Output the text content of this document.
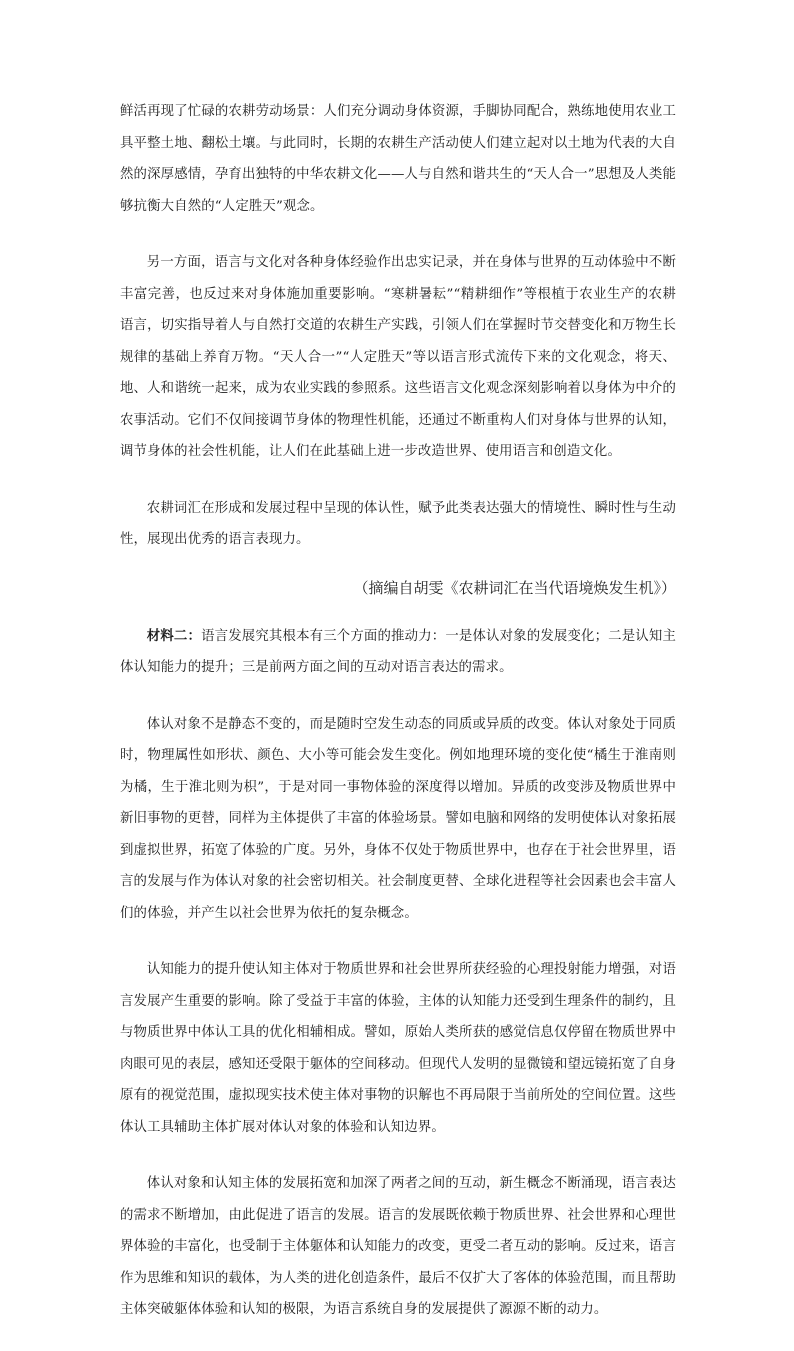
鲜活再现了忙碌的农耕劳动场景：人们充分调动身体资源，手脚协同配合，熟练地使用农业工具平整土地、翻松土壤。与此同时，长期的农耕生产活动使人们建立起对以土地为代表的大自然的深厚感情，孕育出独特的中华农耕文化——人与自然和谐共生的“天人合一”思想及人类能够抗衡大自然的“人定胜天”观念。

另一方面，语言与文化对各种身体经验作出忠实记录，并在身体与世界的互动体验中不断丰富完善，也反过来对身体施加重要影响。“寒耕暑耘”“精耕细作”等根植于农业生产的农耕语言，切实指导着人与自然打交道的农耕生产实践，引领人们在掌握时节交替变化和万物生长规律的基础上养育万物。“天人合一”“人定胜天”等以语言形式流传下来的文化观念，将天、地、人和谐统一起来，成为农业实践的参照系。这些语言文化观念深刻影响着以身体为中介的农事活动。它们不仅间接调节身体的物理性机能，还通过不断重构人们对身体与世界的认知，调节身体的社会性机能，让人们在此基础上进一步改造世界、使用语言和创造文化。

农耕词汇在形成和发展过程中呈现的体认性，赋予此类表达强大的情境性、瞬时性与生动性，展现出优秀的语言表现力。

（摘编自胡雯《农耕词汇在当代语境焕发生机》）

材料二：语言发展究其根本有三个方面的推动力：一是体认对象的发展变化；二是认知主体认知能力的提升；三是前两方面之间的互动对语言表达的需求。

体认对象不是静态不变的，而是随时空发生动态的同质或异质的改变。体认对象处于同质时，物理属性如形状、颜色、大小等可能会发生变化。例如地理环境的变化使“橘生于淮南则为橘，生于淮北则为枳”，于是对同一事物体验的深度得以增加。异质的改变涉及物质世界中新旧事物的更替，同样为主体提供了丰富的体验场景。譬如电脑和网络的发明使体认对象拓展到虚拟世界，拓宽了体验的广度。另外，身体不仅处于物质世界中，也存在于社会世界里，语言的发展与作为体认对象的社会密切相关。社会制度更替、全球化进程等社会因素也会丰富人们的体验，并产生以社会世界为依托的复杂概念。

认知能力的提升使认知主体对于物质世界和社会世界所获经验的心理投射能力增强，对语言发展产生重要的影响。除了受益于丰富的体验，主体的认知能力还受到生理条件的制约，且与物质世界中体认工具的优化相辅相成。譬如，原始人类所获的感觉信息仅停留在物质世界中肉眼可见的表层，感知还受限于躯体的空间移动。但现代人发明的显微镜和望远镜拓宽了自身原有的视觉范围，虚拟现实技术使主体对事物的识解也不再局限于当前所处的空间位置。这些体认工具辅助主体扩展对体认对象的体验和认知边界。

体认对象和认知主体的发展拓宽和加深了两者之间的互动，新生概念不断涌现，语言表达的需求不断增加，由此促进了语言的发展。语言的发展既依赖于物质世界、社会世界和心理世界体验的丰富化，也受制于主体躯体和认知能力的改变，更受二者互动的影响。反过来，语言作为思维和知识的载体，为人类的进化创造条件，最后不仅扩大了客体的体验范围，而且帮助主体突破躯体体验和认知的极限，为语言系统自身的发展提供了源源不断的动力。
